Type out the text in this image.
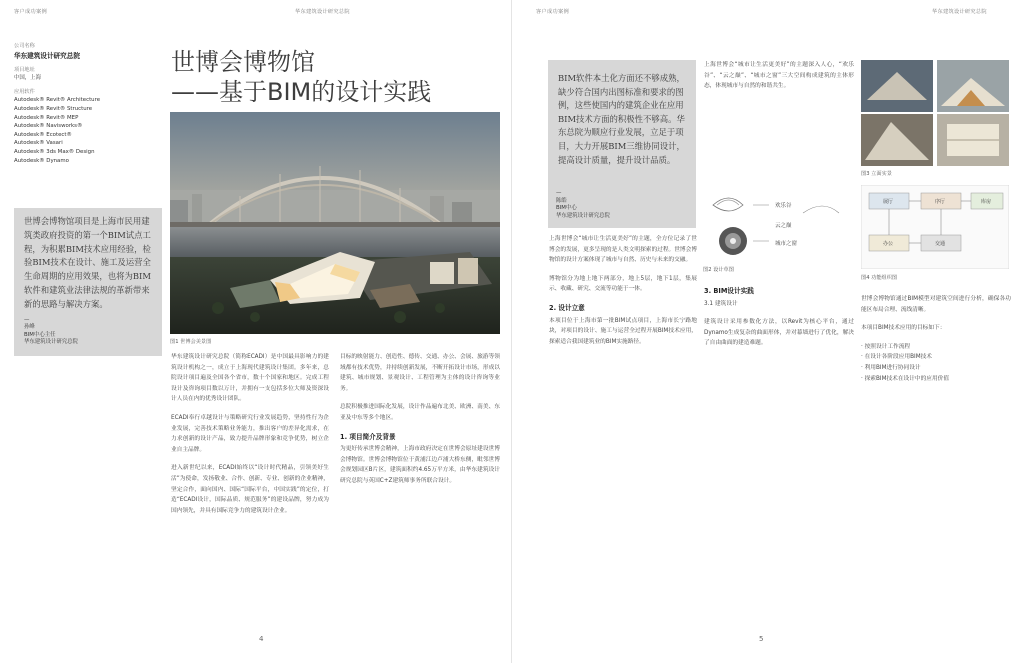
客户成功案例	华东建筑设计研究总院
公司名称
华东建筑设计研究总院
项目地址
中国，上海
应用软件
Autodesk® Revit® Architecture
Autodesk® Revit® Structure
Autodesk® Revit® MEP
Autodesk® Navisworks®
Autodesk® Ecotect®
Autodesk® Vasari
Autodesk® 3ds Max® Design
Autodesk® Dynamo
世博会博物馆项目是上海市民用建筑类政府投资的第一个BIM试点工程，为积累BIM技术应用经验，检验BIM技术在设计、施工及运营全生命周期的应用效果，也将为BIM软件和建筑业法律法规的革新带来新的思路与解决方案。
—
孙峰
BIM中心主任
华东建筑设计研究总院
世博会博物馆
——基于BIM的设计实践
图1 世博会美景图

华东建筑设计研究总院（简称ECADI）是中国最具影响力的建筑设计机构之一，成立于上海现代建筑设计集团。多年来，总院设计项目遍及全国各个省市，数十个国家和地区。完成工程设计及咨询项目数以万计，并拥有一支包括多位大师及资深设计人员在内的优秀设计团队。

ECADI奉行卓越设计与策略研究行业发展趋势，坚持性行为企业发展，完善技术策略业务能力，推出客户的差异化需求，在力求创新的设计产品，致力提升品牌形象和竞争优势，树立企业自主品牌。

进入新世纪以来，ECADI始终以“设计时代精品，引领美好生活”为使命，发扬敬业、合作、创新、专业、创新的企业精神，坚定合作，面向国内、国际“国际平台，中国实践”的定位，打造“ECADI设计，国际品质、规范服务”的建设品牌，努力成为国内领先，并具有国际竞争力的建筑设计企业。

目标的映射能力、创造性、德传、交通、办公、会展、旅游等领域都有技术优势，并持续创新发展，不断开拓设计市场，形成以建筑、城市规划、景观设计、工程管理为主体的设计咨询等业务。

总院积极推进国际化发展，设计作品遍布北美、欧洲、南美、东亚及中东等多个地区。

1. 项目简介及背景

为更好传承世博会精神，上海市政府决定在世博会原址建设世博会博物馆。世博会博物馆位于黄浦江边卢浦大桥东侧，毗邻世博会规划园区B片区，建筑面积约4.65万平方米，由华东建筑设计研究总院与英国C+Z建筑师事务所联合设计。

4
客户成功案例	华东建筑设计研究总院
5
BIM软件本土化方面还不够成熟，缺少符合国内出图标准和要求的图例，这些使国内的建筑企业在应用BIM技术方面的积极性不够高。华东总院为顺应行业发展，立足于项目，大力开展BIM三维协同设计，提高设计质量，提升设计品质。
—
陈皓
BIM中心
华东建筑设计研究总院

上海世博会“城市让生活更美好”的主题，全方位记录了世博会的发展，更多呈现的是人类文明探索的过程。世博会博物馆的设计方案体现了城市与自然、历史与未来的交融。

博物馆分为地上地下两部分，地上5层，地下1层，集展示、收藏、研究、交流等功能于一体。

2. 设计立意

本项目位于上海市第一批BIM试点项目，上海市长宁路地块，对项目的设计、施工与运营全过程开展BIM技术应用，探索适合我国建筑业的BIM实施路径。

上海世博会“城市让生活更美好”的主题深入人心，“欢乐谷”、“云之巅”、“城市之窗”三大空间构成建筑的主体形态，体现城市与自然的和谐共生。

欢乐谷
云之巅
城市之窗
图2 设计草图
3. BIM设计实践

3.1 建筑设计

建筑设计采用参数化方法，以Revit为核心平台，通过Dynamo生成复杂的曲面形体，并对幕墙进行了优化，解决了自由曲面的建造难题。

图3 立面实景
展厅	序厅	库房
办公	交通
图4 功能组织图

世博会博物馆通过BIM模型对建筑空间进行分析，确保各功能区布局合理、流线清晰。

本项目BIM技术应用的目标如下：

· 按照设计工作流程
· 在设计各阶段应用BIM技术
· 利用BIM进行协同设计
· 探索BIM技术在设计中的应用价值
